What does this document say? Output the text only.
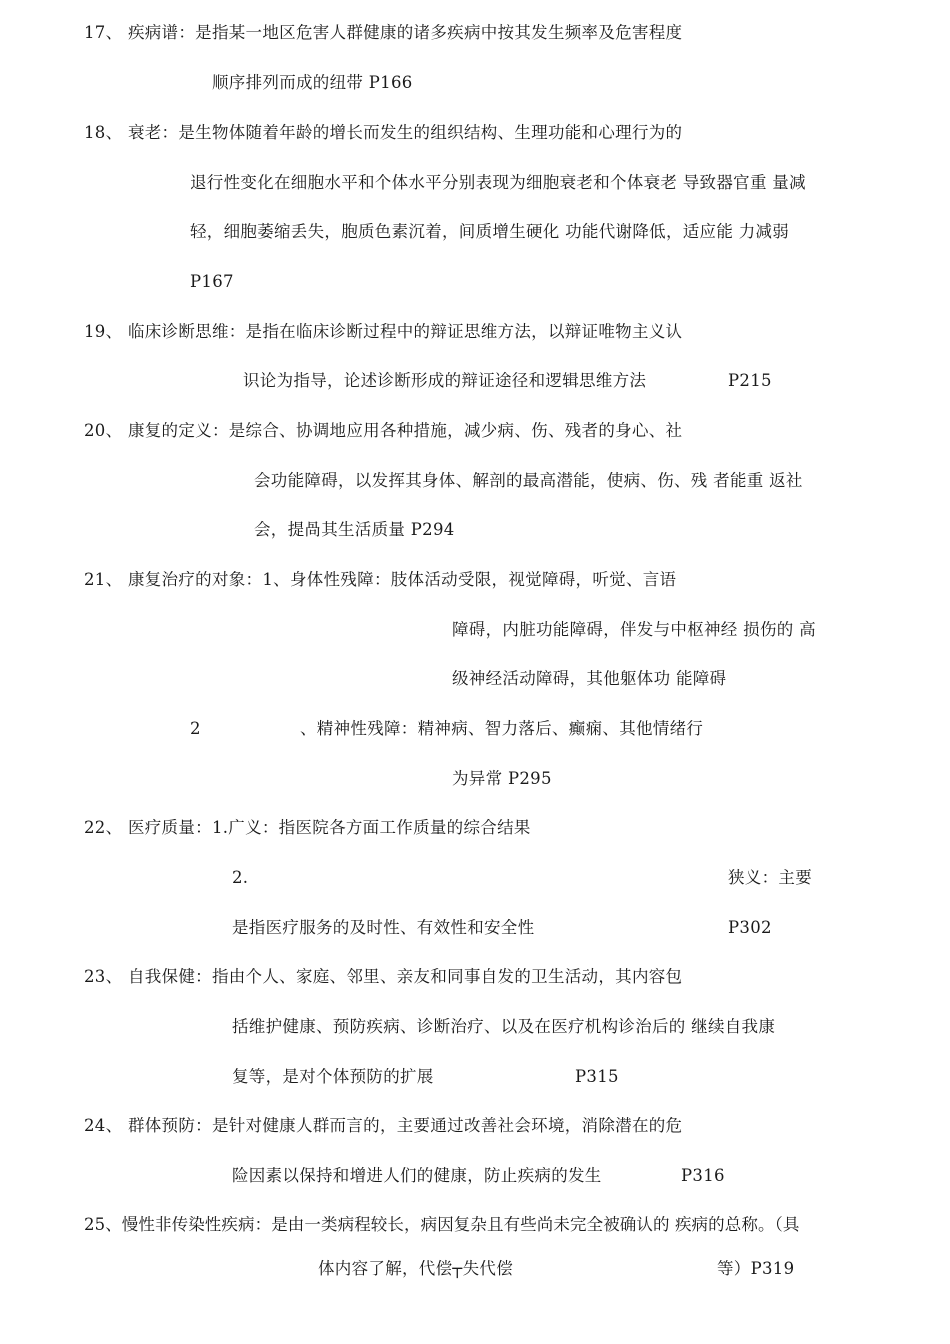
17、 疾病谱：是指某一地区危害人群健康的诸多疾病中按其发生频率及危害程度
顺序排列而成的纽带 P166
18、 衰老：是生物体随着年龄的增长而发生的组织结构、生理功能和心理行为的
退行性变化在细胞水平和个体水平分别表现为细胞衰老和个体衰老 导致器官重 量减
轻，细胞萎缩丢失，胞质色素沉着，间质增生硬化 功能代谢降低，适应能 力减弱
P167
19、 临床诊断思维：是指在临床诊断过程中的辩证思维方法，以辩证唯物主义认
识论为指导，论述诊断形成的辩证途径和逻辑思维方法	P215
20、 康复的定义：是综合、协调地应用各种措施，减少病、伤、残者的身心、社
会功能障碍，以发挥其身体、解剖的最高潜能，使病、伤、残 者能重 返社
会，提咼其生活质量 P294
21、 康复治疗的对象：1、身体性残障：肢体活动受限，视觉障碍，听觉、言语
障碍，内脏功能障碍，伴发与中枢神经 损伤的 高
级神经活动障碍，其他躯体功 能障碍
2	、精神性残障：精神病、智力落后、癫痫、其他情绪行
为异常 P295
22、 医疗质量：1.广义：指医院各方面工作质量的综合结果
2.	狭义：主要
是指医疗服务的及时性、有效性和安全性	P302
23、 自我保健：指由个人、家庭、邻里、亲友和同事自发的卫生活动，其内容包
括维护健康、预防疾病、诊断治疗、以及在医疗机构诊治后的 继续自我康
复等，是对个体预防的扩展	P315
24、 群体预防：是针对健康人群而言的，主要通过改善社会环境，消除潜在的危
险因素以保持和增进人们的健康，防止疾病的发生	P316
25、慢性非传染性疾病：是由一类病程较长，病因复杂且有些尚未完全被确认的 疾病的总称。（具
体内容了解，代偿┬失代偿	等）P319
